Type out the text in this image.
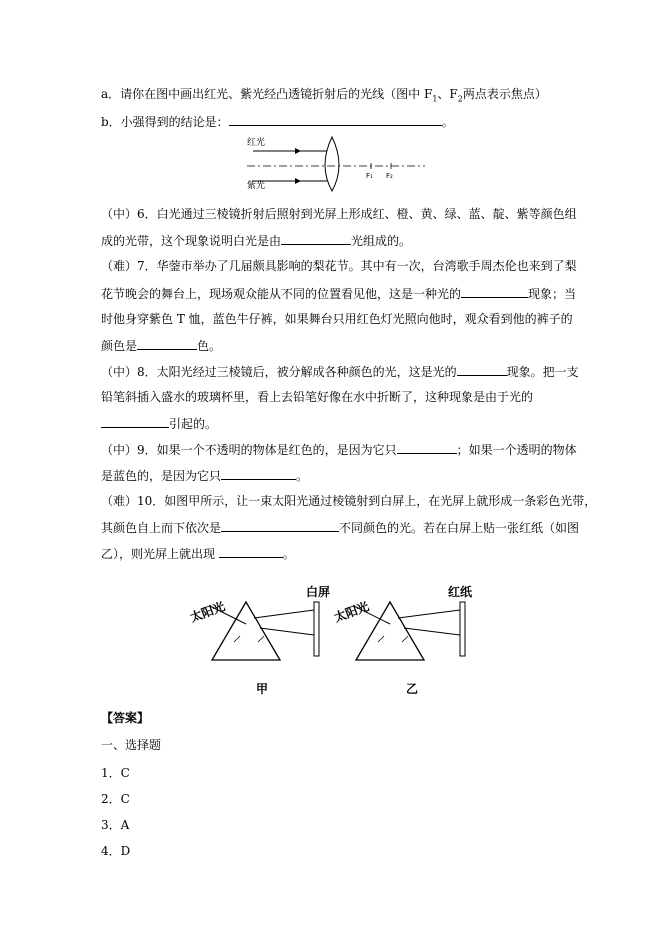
a．请你在图中画出红光、紫光经凸透镜折射后的光线（图中 $F_1$、$F_2$两点表示焦点）
b．小强得到的结论是：	。
红光
紫光
F₁ F₂
（中）6．白光通过三棱镜折射后照射到光屏上形成红、橙、黄、绿、蓝、靛、紫等颜色组
成的光带，这个现象说明白光是由	光组成的。
（难）7．华蓥市举办了几届颇具影响的梨花节。其中有一次，台湾歌手周杰伦也来到了梨
花节晚会的舞台上，现场观众能从不同的位置看见他，这是一种光的	现象；当
时他身穿紫色 T 恤，蓝色牛仔裤，如果舞台只用红色灯光照向他时，观众看到他的裤子的
颜色是	色。
（中）8．太阳光经过三棱镜后，被分解成各种颜色的光，这是光的	现象。把一支
铅笔斜插入盛水的玻璃杯里，看上去铅笔好像在水中折断了，这种现象是由于光的
引起的。
（中）9．如果一个不透明的物体是红色的，是因为它只	；如果一个透明的物体
是蓝色的，是因为它只	。
（难）10．如图甲所示，让一束太阳光通过棱镜射到白屏上，在光屏上就形成一条彩色光带，
其颜色自上而下依次是	不同颜色的光。若在白屏上贴一张红纸（如图
乙），则光屏上就出现	。
太阳光
白屏
甲
太阳光
红纸
乙
【答案】
一、选择题
1．C
2．C
3．A
4．D
